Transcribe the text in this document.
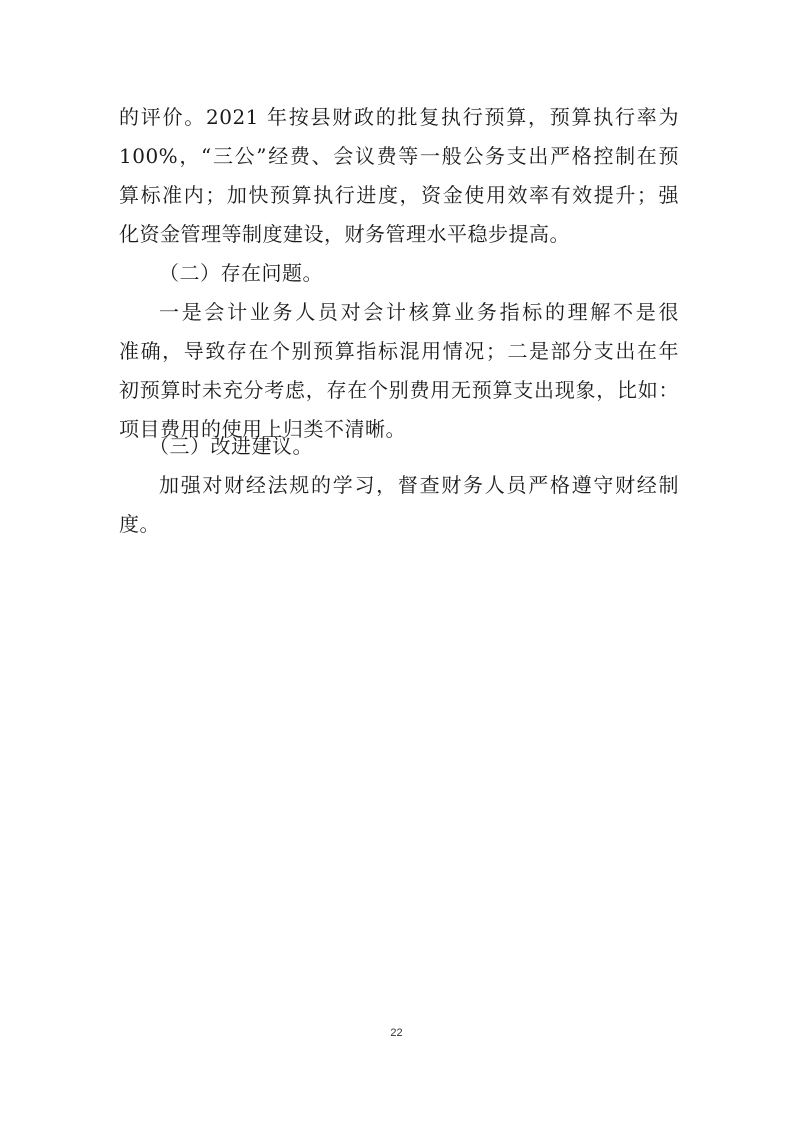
的评价。2021 年按县财政的批复执行预算，预算执行率为
100%，“三公”经费、会议费等一般公务支出严格控制在预
算标准内；加快预算执行进度，资金使用效率有效提升；强
化资金管理等制度建设，财务管理水平稳步提高。
（二）存在问题。
一是会计业务人员对会计核算业务指标的理解不是很
准确，导致存在个别预算指标混用情况；二是部分支出在年
初预算时未充分考虑，存在个别费用无预算支出现象，比如：
项目费用的使用上归类不清晰。
（三）改进建议。
加强对财经法规的学习，督查财务人员严格遵守财经制
度。
22
